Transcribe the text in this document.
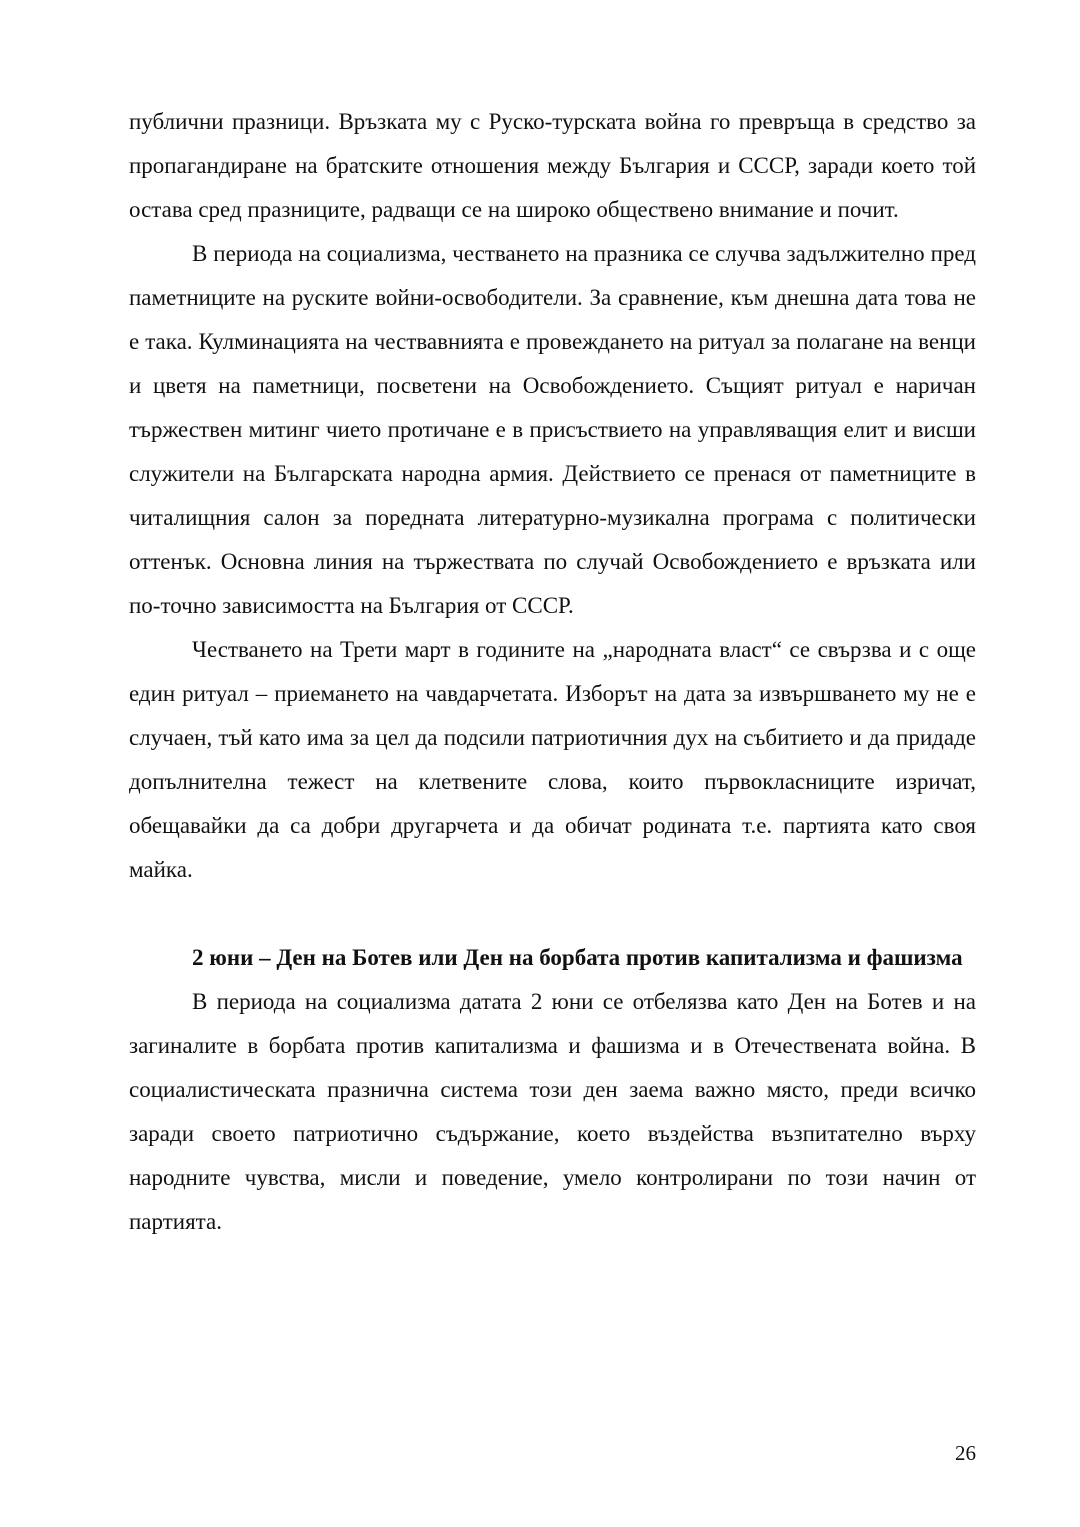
публични празници. Връзката му с Руско-турската война го превръща в средство за пропагандиране на братските отношения между България и СССР, заради което той остава сред празниците, радващи се на широко обществено внимание и почит.

В периода на социализма, честването на празника се случва задължително пред паметниците на руските войни-освободители. За сравнение, към днешна дата това не е така. Кулминацията на чествавнията е провеждането на ритуал за полагане на венци и цветя на паметници, посветени на Освобождението. Същият ритуал е наричан тържествен митинг чието протичане е в присъствието на управляващия елит и висши служители на Българската народна армия. Действието се пренася от паметниците в читалищния салон за поредната литературно-музикална програма с политически оттенък. Основна линия на тържествата по случай Освобождението е връзката или по-точно зависимостта на България от СССР.

Честването на Трети март в годините на „народната власт“ се свързва и с още един ритуал – приемането на чавдарчетата. Изборът на дата за извършването му не е случаен, тъй като има за цел да подсили патриотичния дух на събитието и да придаде допълнителна тежест на клетвените слова, които първокласниците изричат, обещавайки да са добри другарчета и да обичат родината т.е. партията като своя майка.

2 юни – Ден на Ботев или Ден на борбата против капитализма и фашизма

В периода на социализма датата 2 юни се отбелязва като Ден на Ботев и на загиналите в борбата против капитализма и фашизма и в Отечествената война. В социалистическата празнична система този ден заема важно място, преди всичко заради своето патриотично съдържание, което въздейства възпитателно върху народните чувства, мисли и поведение, умело контролирани по този начин от партията.

26
